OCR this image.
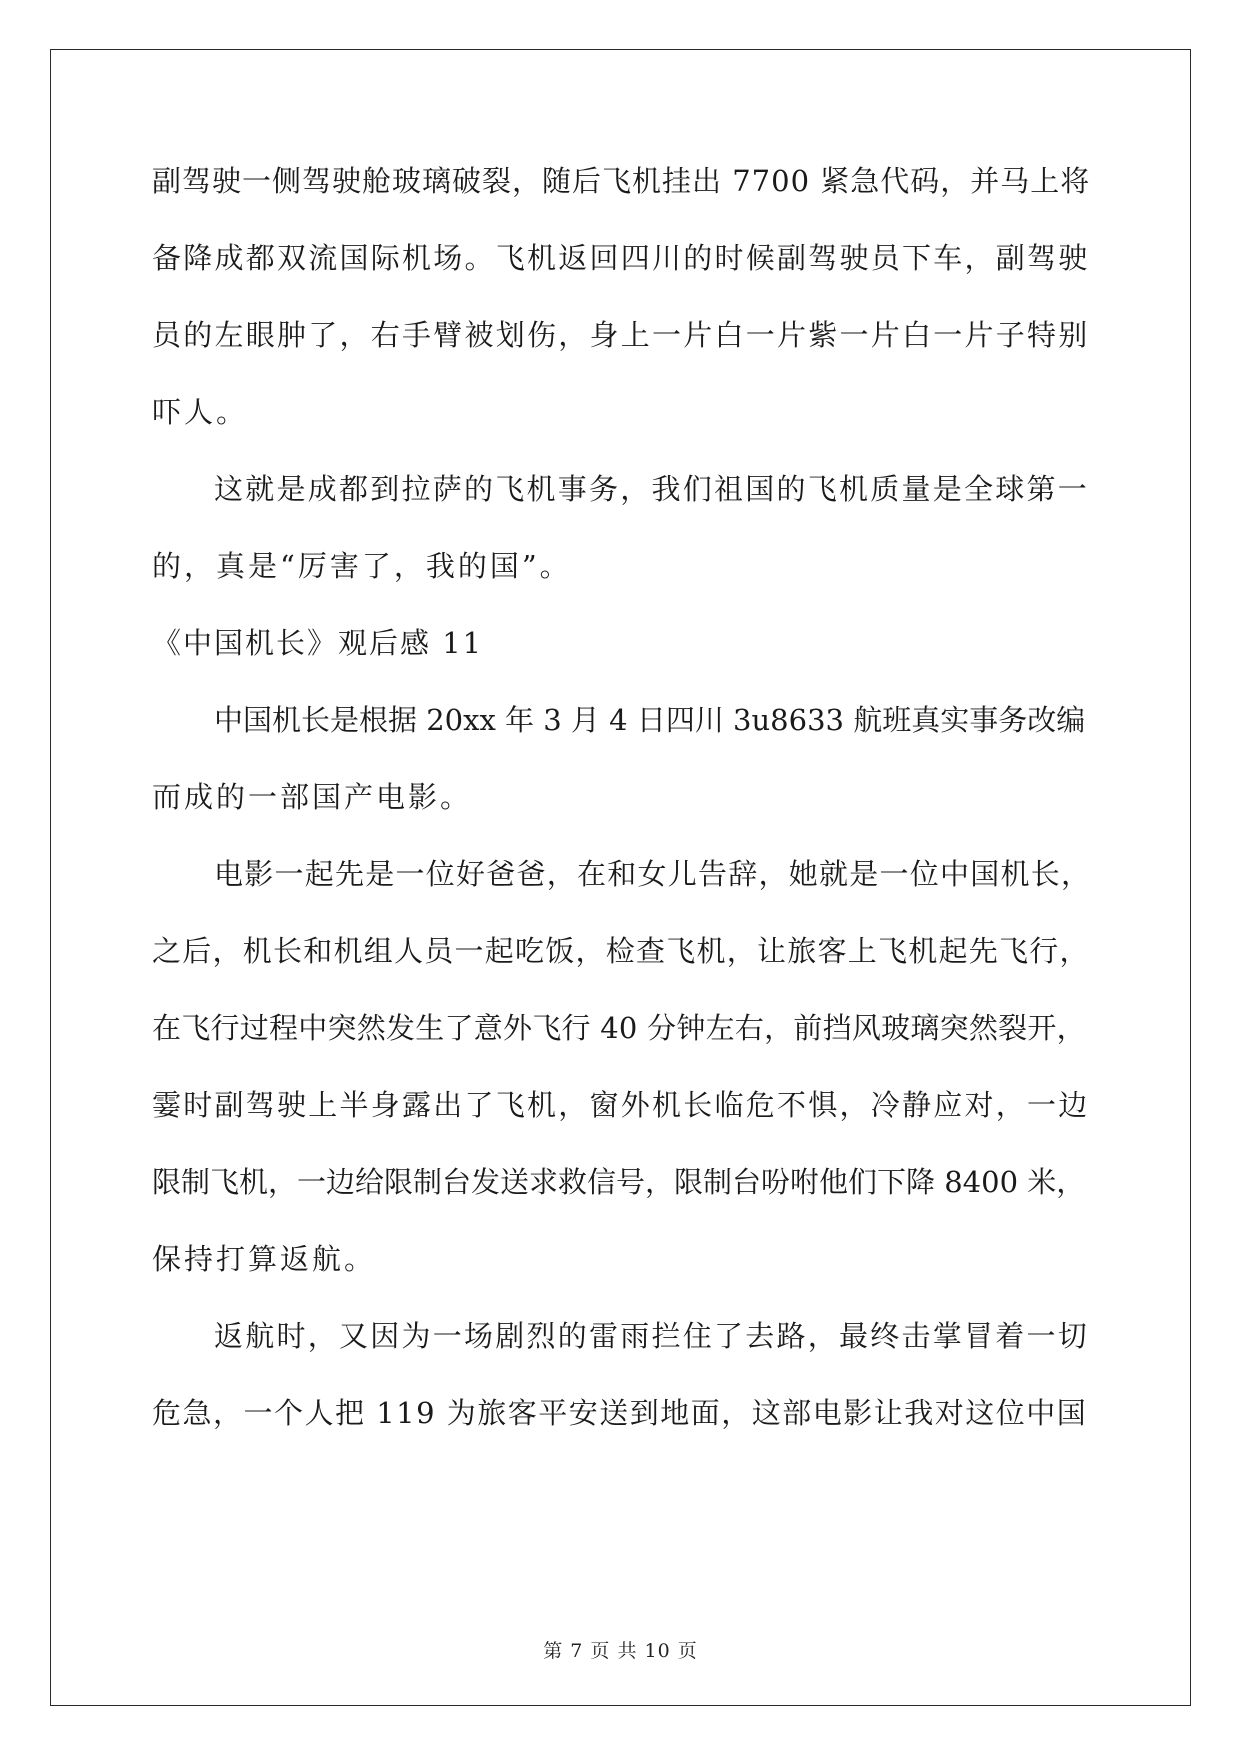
副驾驶一侧驾驶舱玻璃破裂，随后飞机挂出 7700 紧急代码，并马上将
备降成都双流国际机场。飞机返回四川的时候副驾驶员下车，副驾驶
员的左眼肿了，右手臂被划伤，身上一片白一片紫一片白一片子特别
吓人。
这就是成都到拉萨的飞机事务，我们祖国的飞机质量是全球第一
的，真是“厉害了，我的国”。
《中国机长》观后感 11
中国机长是根据 20xx 年 3 月 4 日四川 3u8633 航班真实事务改编
而成的一部国产电影。
电影一起先是一位好爸爸，在和女儿告辞，她就是一位中国机长，
之后，机长和机组人员一起吃饭，检查飞机，让旅客上飞机起先飞行，
在飞行过程中突然发生了意外飞行 40 分钟左右，前挡风玻璃突然裂开，
霎时副驾驶上半身露出了飞机，窗外机长临危不惧，冷静应对，一边
限制飞机，一边给限制台发送求救信号，限制台吩咐他们下降 8400 米，
保持打算返航。
返航时，又因为一场剧烈的雷雨拦住了去路，最终击掌冒着一切
危急，一个人把 119 为旅客平安送到地面，这部电影让我对这位中国
第 7 页 共 10 页
